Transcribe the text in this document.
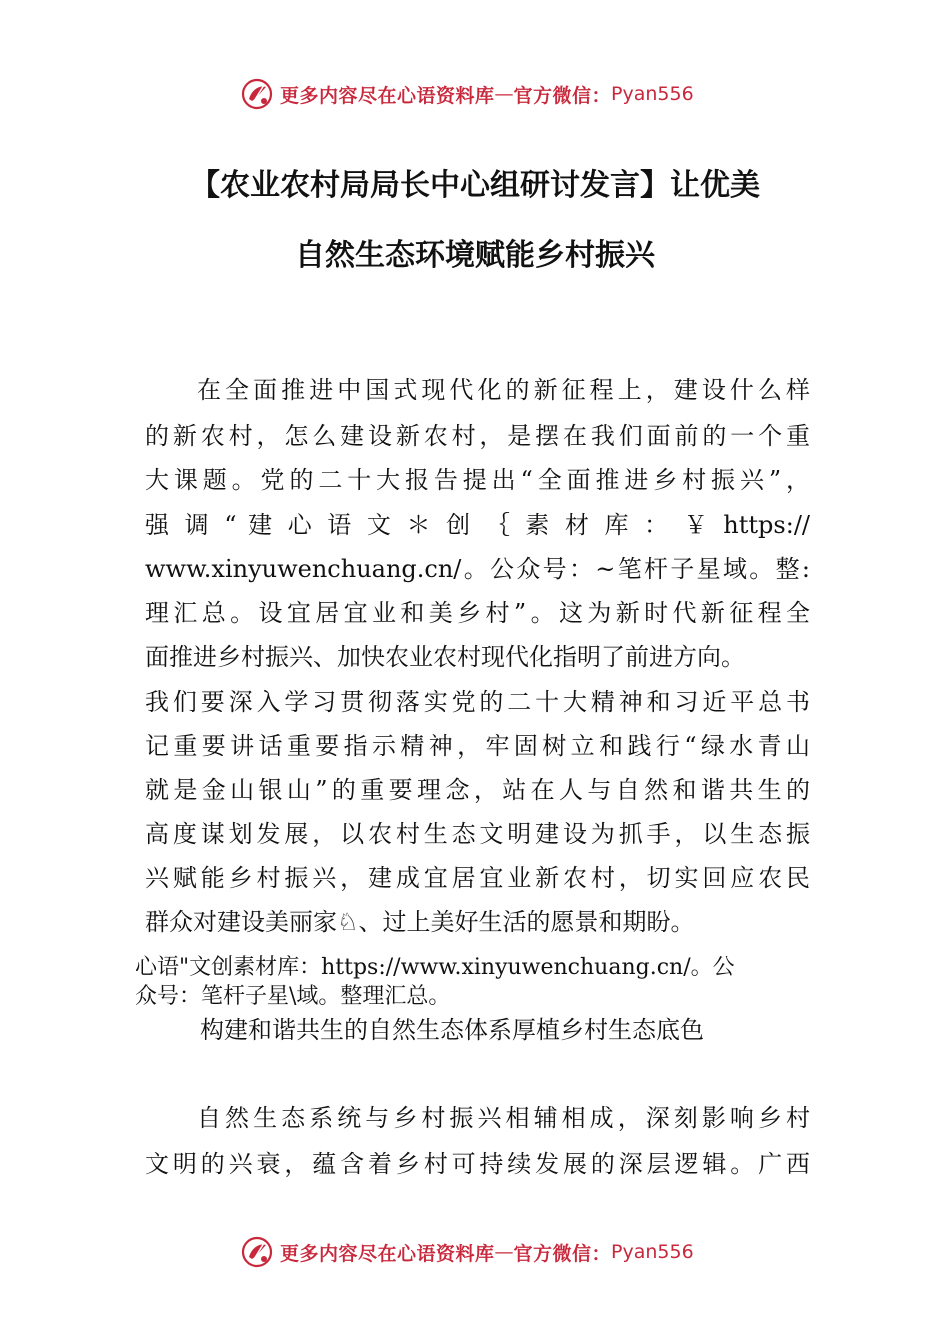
更多内容尽在心语资料库 — 官方微信： Pyan556
【农业农村局局长中心组研讨发言】让优美
自然生态环境赋能乡村振兴
在全面推进中国式现代化的新征程上，建设什么样
的新农村，怎么建设新农村，是摆在我们面前的一个重
大课题。党的二十大报告提出“全面推进乡村振兴”，
强 调 “ 建 心 语 文 ＊ 创 ｛ 素 材 库 ： ￥ https://
www.xinyuwenchuang.cn/。公众号：~笔杆子星域。整:
理汇总。设宜居宜业和美乡村”。这为新时代新征程全
面推进乡村振兴、加快农业农村现代化指明了前进方向。
我们要深入学习贯彻落实党的二十大精神和习近平总书
记重要讲话重要指示精神，牢固树立和践行“绿水青山
就是金山银山”的重要理念，站在人与自然和谐共生的
高度谋划发展，以农村生态文明建设为抓手，以生态振
兴赋能乡村振兴，建成宜居宜业新农村，切实回应农民
群众对建设美丽家♘、过上美好生活的愿景和期盼。
心语"文创素材库：https://www.xinyuwenchuang.cn/。公
众号：笔杆子星\域。整理汇总。
构建和谐共生的自然生态体系厚植乡村生态底色
自然生态系统与乡村振兴相辅相成，深刻影响乡村
文明的兴衰，蕴含着乡村可持续发展的深层逻辑。广西
更多内容尽在心语资料库 — 官方微信： Pyan556
